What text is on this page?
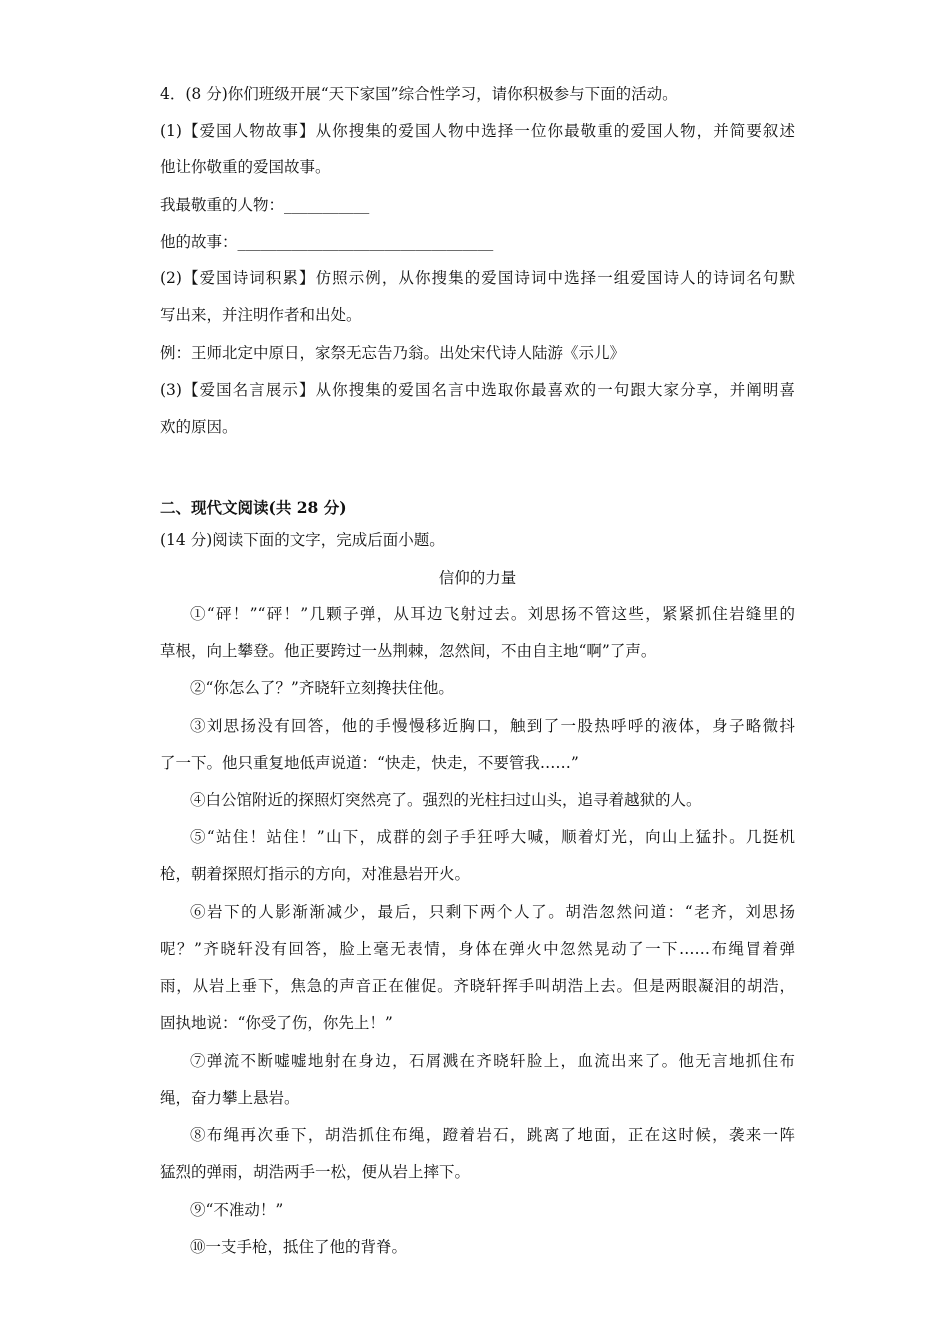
4．(8 分)你们班级开展“天下家国”综合性学习，请你积极参与下面的活动。
(1)【爱国人物故事】从你搜集的爱国人物中选择一位你最敬重的爱国人物，并简要叙述
他让你敬重的爱国故事。
我最敬重的人物：___________
他的故事：_________________________________
(2)【爱国诗词积累】仿照示例，从你搜集的爱国诗词中选择一组爱国诗人的诗词名句默
写出来，并注明作者和出处。
例：王师北定中原日，家祭无忘告乃翁。出处宋代诗人陆游《示儿》
(3)【爱国名言展示】从你搜集的爱国名言中选取你最喜欢的一句跟大家分享，并阐明喜
欢的原因。
二、现代文阅读(共 28 分)
(14 分)阅读下面的文字，完成后面小题。
信仰的力量
①“砰！”“砰！”几颗子弹，从耳边飞射过去。刘思扬不管这些，紧紧抓住岩缝里的
草根，向上攀登。他正要跨过一丛荆棘，忽然间，不由自主地“啊”了声。
②“你怎么了？”齐晓轩立刻搀扶住他。
③刘思扬没有回答，他的手慢慢移近胸口，触到了一股热呼呼的液体，身子略微抖
了一下。他只重复地低声说道：“快走，快走，不要管我……”
④白公馆附近的探照灯突然亮了。强烈的光柱扫过山头，追寻着越狱的人。
⑤“站住！站住！”山下，成群的刽子手狂呼大喊，顺着灯光，向山上猛扑。几挺机
枪，朝着探照灯指示的方向，对准悬岩开火。
⑥岩下的人影渐渐减少，最后，只剩下两个人了。胡浩忽然问道：“老齐，刘思扬
呢？”齐晓轩没有回答，脸上毫无表情，身体在弹火中忽然晃动了一下……布绳冒着弹
雨，从岩上垂下，焦急的声音正在催促。齐晓轩挥手叫胡浩上去。但是两眼凝泪的胡浩，
固执地说：“你受了伤，你先上！”
⑦弹流不断嘘嘘地射在身边，石屑溅在齐晓轩脸上，血流出来了。他无言地抓住布
绳，奋力攀上悬岩。
⑧布绳再次垂下，胡浩抓住布绳，蹬着岩石，跳离了地面，正在这时候，袭来一阵
猛烈的弹雨，胡浩两手一松，便从岩上摔下。
⑨“不准动！”
⑩一支手枪，抵住了他的背脊。
